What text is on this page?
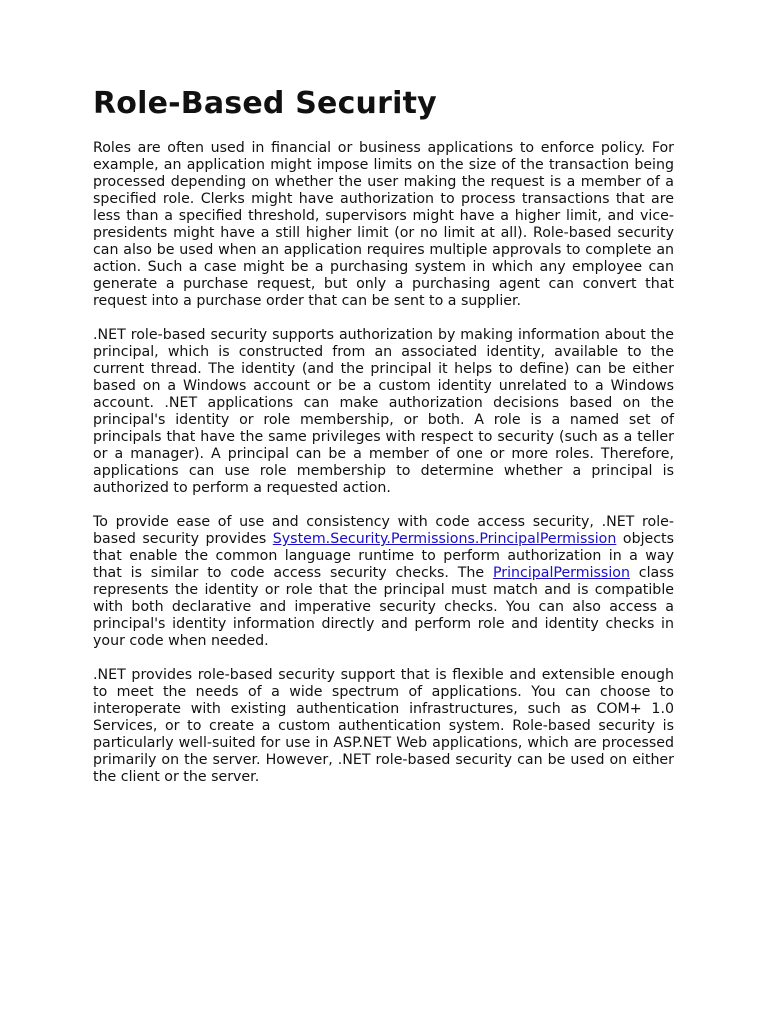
Role-Based Security

Roles are often used in financial or business applications to enforce policy. For example, an application might impose limits on the size of the transaction being processed depending on whether the user making the request is a member of a specified role. Clerks might have authorization to process transactions that are less than a specified threshold, supervisors might have a higher limit, and vice-presidents might have a still higher limit (or no limit at all). Role-based security can also be used when an application requires multiple approvals to complete an action. Such a case might be a purchasing system in which any employee can generate a purchase request, but only a purchasing agent can convert that request into a purchase order that can be sent to a supplier.

.NET role-based security supports authorization by making information about the principal, which is constructed from an associated identity, available to the current thread. The identity (and the principal it helps to define) can be either based on a Windows account or be a custom identity unrelated to a Windows account. .NET applications can make authorization decisions based on the principal's identity or role membership, or both. A role is a named set of principals that have the same privileges with respect to security (such as a teller or a manager). A principal can be a member of one or more roles. Therefore, applications can use role membership to determine whether a principal is authorized to perform a requested action.

To provide ease of use and consistency with code access security, .NET role-based security provides System.Security.Permissions.PrincipalPermission objects that enable the common language runtime to perform authorization in a way that is similar to code access security checks. The PrincipalPermission class represents the identity or role that the principal must match and is compatible with both declarative and imperative security checks. You can also access a principal's identity information directly and perform role and identity checks in your code when needed.

.NET provides role-based security support that is flexible and extensible enough to meet the needs of a wide spectrum of applications. You can choose to interoperate with existing authentication infrastructures, such as COM+ 1.0 Services, or to create a custom authentication system. Role-based security is particularly well-suited for use in ASP.NET Web applications, which are processed primarily on the server. However, .NET role-based security can be used on either the client or the server.
